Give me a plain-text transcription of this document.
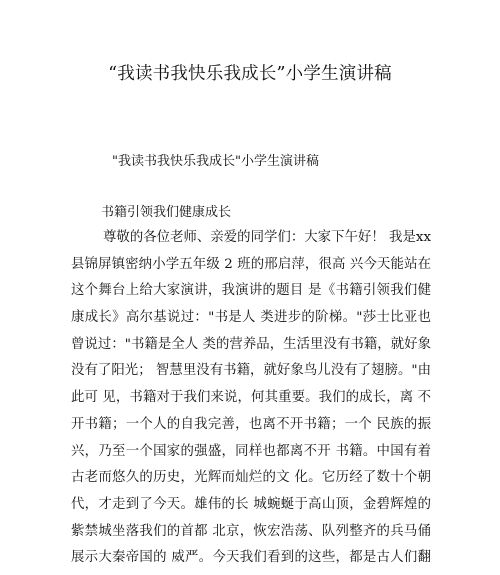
“我读书我快乐我成长”小学生演讲稿
"我读书我快乐我成长"小学生演讲稿
书籍引领我们健康成长
尊敬的各位老师、亲爱的同学们：大家下午好！ 我是xx
县锦屏镇密纳小学五年级 2 班的邢启萍，很高 兴今天能站在
这个舞台上给大家演讲，我演讲的题目 是《书籍引领我们健
康成长》高尔基说过："书是人 类进步的阶梯。"莎士比亚也
曾说过："书籍是全人 类的营养品，生活里没有书籍，就好象
没有了阳光； 智慧里没有书籍，就好象鸟儿没有了翅膀。"由
此可 见，书籍对于我们来说，何其重要。我们的成长，离 不
开书籍；一个人的自我完善，也离不开书籍；一个 民族的振
兴，乃至一个国家的强盛，同样也都离不开 书籍。中国有着
古老而悠久的历史，光辉而灿烂的文 化。它历经了数十个朝
代，才走到了今天。雄伟的长 城蜿蜒于高山顶，金碧辉煌的
紫禁城坐落我们的首都 北京，恢宏浩荡、队列整齐的兵马俑
展示大秦帝国的 威严。今天我们看到的这些，都是古人们翻
